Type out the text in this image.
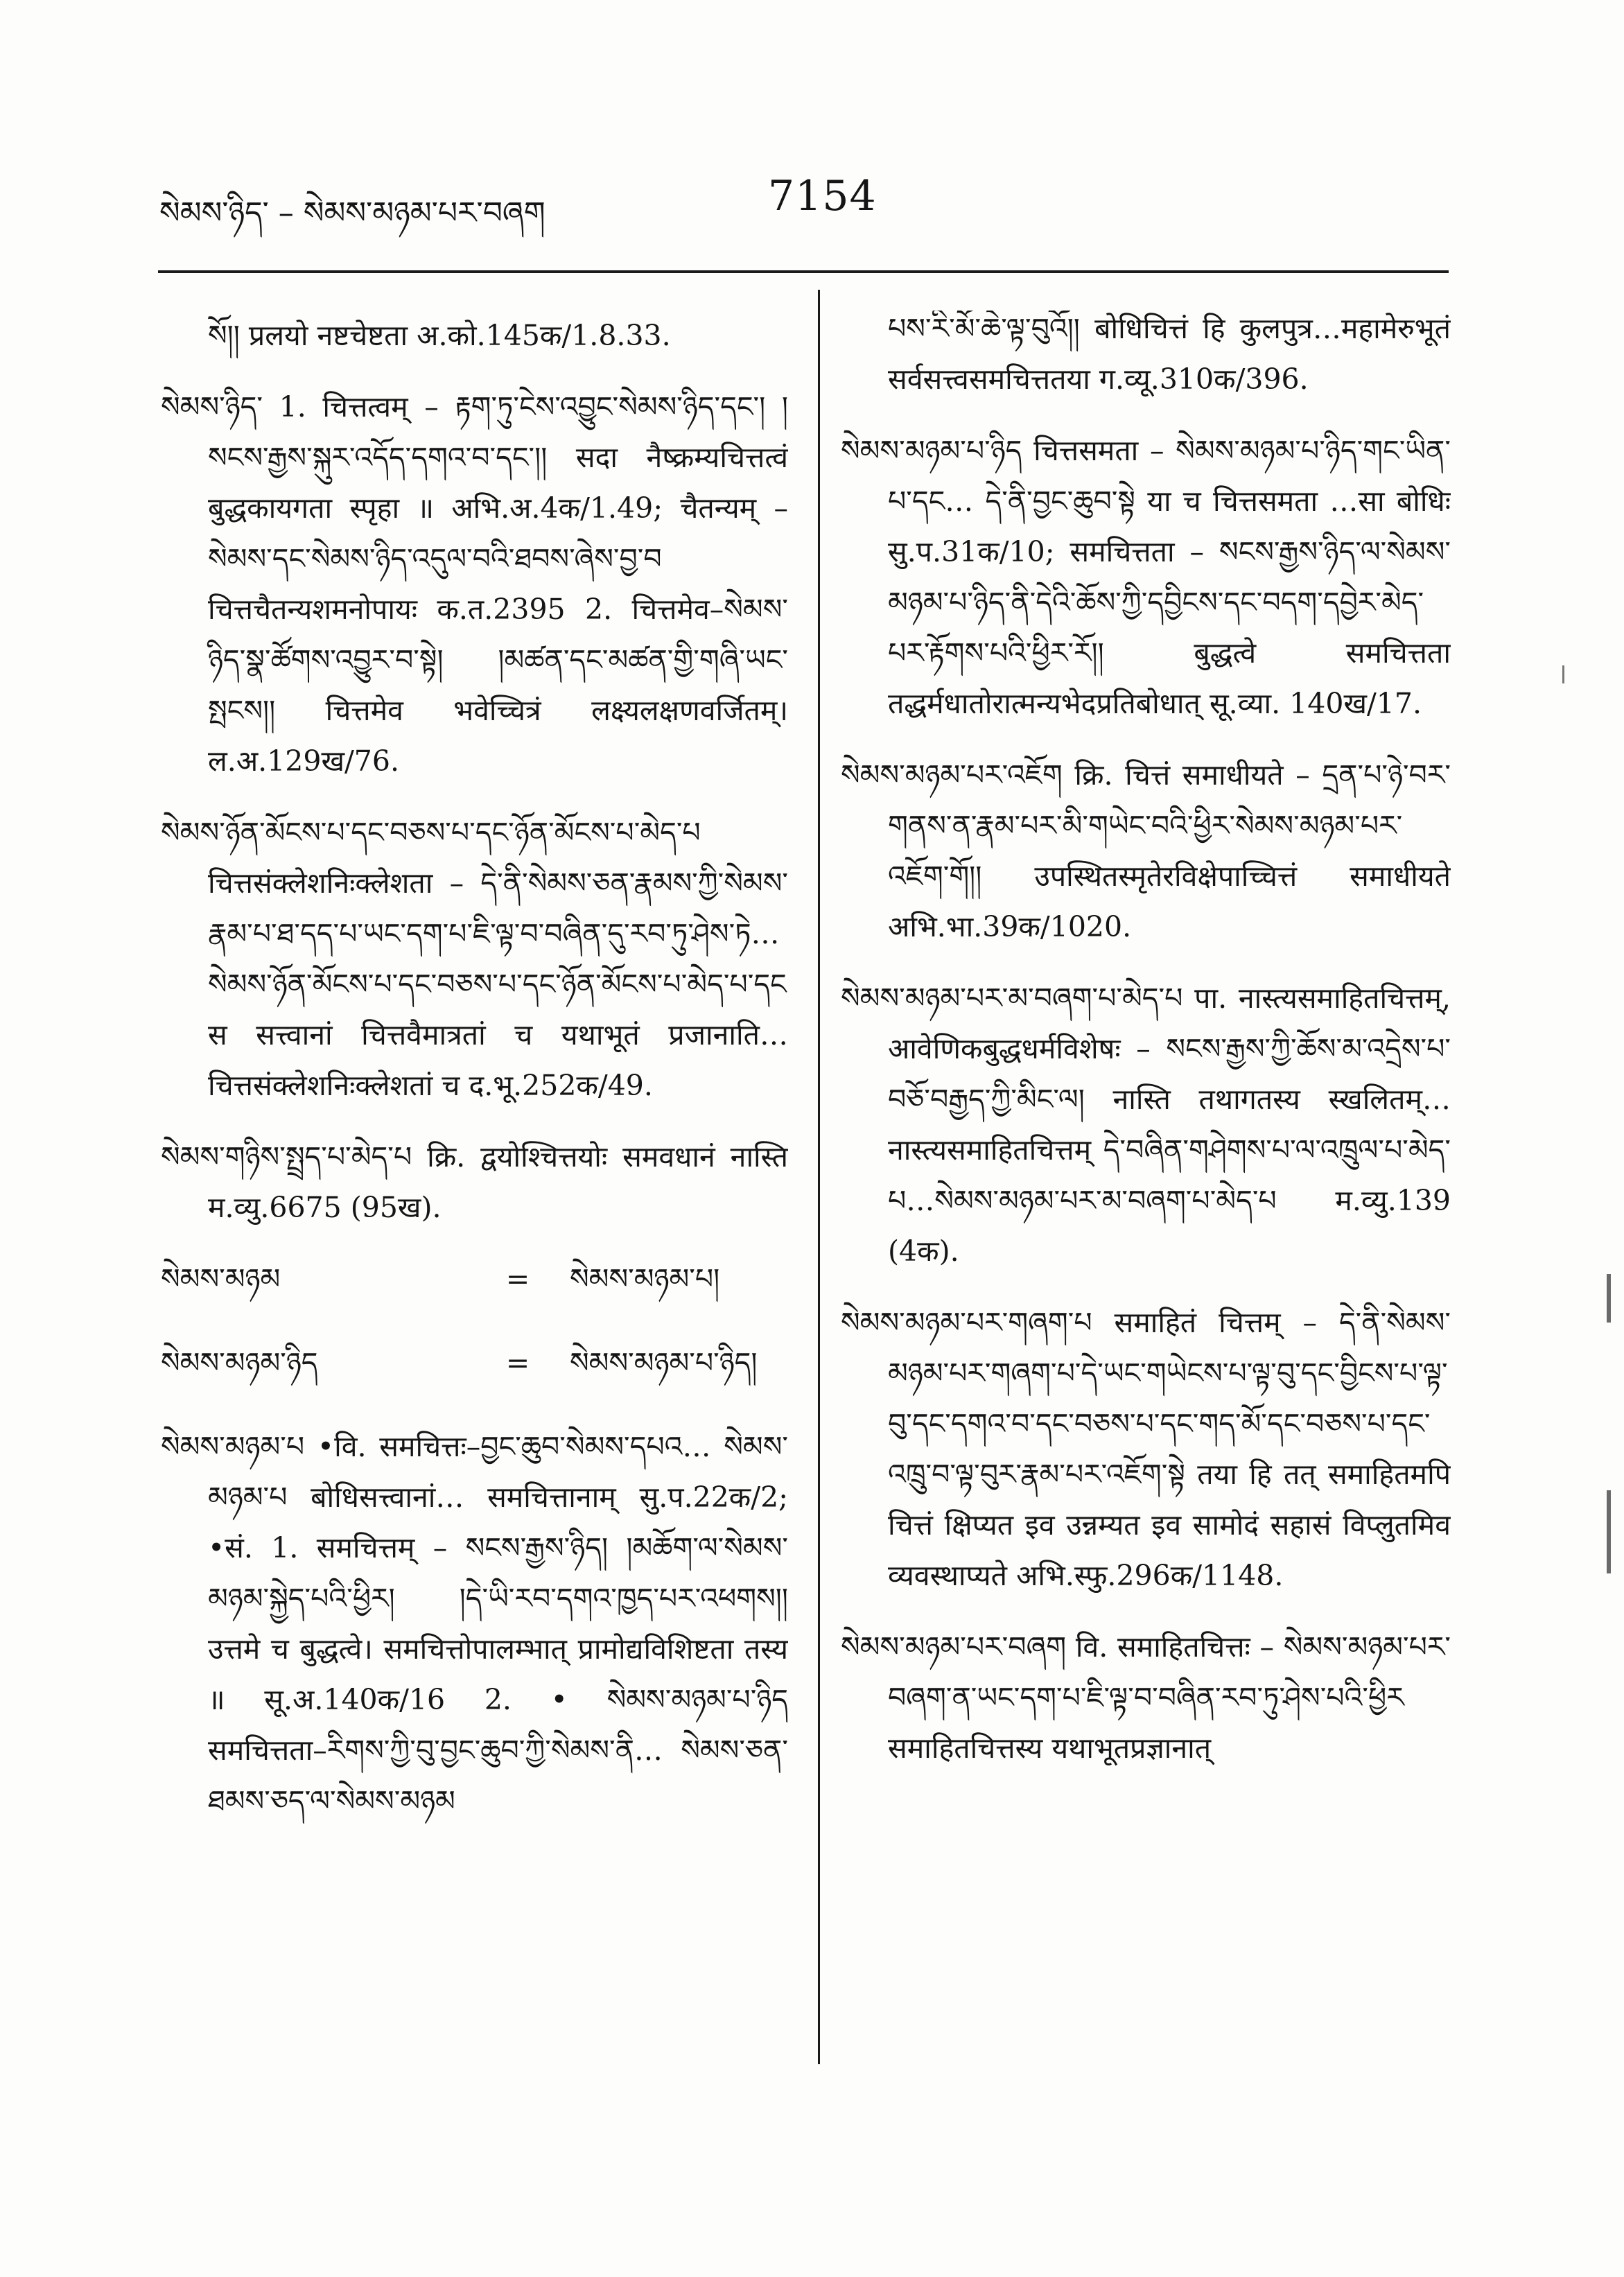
སེམས་ཉིད་ – སེམས་མཉམ་པར་བཞག	7154

སོ།། प्रलयो नष्टचेष्टता अ.को.145क/1.8.33.

སེམས་ཉིད་ 1. चित्तत्वम् – རྟག་ཏུ་ངེས་འབྱུང་སེམས་ཉིད་དང་། །སངས་རྒྱས་སྐུར་འདོད་དགའ་བ་དང་།། सदा नैष्क्रम्यचित्तत्वं बुद्धकायगता स्पृहा ॥ अभि.अ.4क/1.49; चैतन्यम् – སེམས་དང་སེམས་ཉིད་འདུལ་བའི་ཐབས་ཞེས་བྱ་བ चित्तचैतन्यशमनोपायः क.त.2395 2. चित्तमेव–སེམས་ཉིད་སྣ་ཚོགས་འབྱུར་བ་སྟེ། །མཚན་དང་མཚན་གྱི་གཞི་ཡང་སྤངས།། चित्तमेव भवेच्चित्रं लक्ष्यलक्षणवर्जितम्। ल.अ.129ख/76.

སེམས་ཉོན་མོངས་པ་དང་བཅས་པ་དང་ཉོན་མོངས་པ་མེད་པ चित्तसंक्लेशनिःक्लेशता – དེ་ནི་སེམས་ཅན་རྣམས་ཀྱི་སེམས་རྣམ་པ་ཐ་དད་པ་ཡང་དག་པ་ཇི་ལྟ་བ་བཞིན་དུ་རབ་ཏུ་ཤེས་ཏེ… སེམས་ཉོན་མོངས་པ་དང་བཅས་པ་དང་ཉོན་མོངས་པ་མེད་པ་དང स सत्त्वानां चित्तवैमात्रतां च यथाभूतं प्रजानाति…चित्तसंक्लेशनिःक्लेशतां च द.भू.252क/49.

སེམས་གཉིས་སྤྲད་པ་མེད་པ क्रि. द्वयोश्चित्तयोः समवधानं नास्ति म.व्यु.6675 (95ख).

སེམས་མཉམ	=	སེམས་མཉམ་པ།
སེམས་མཉམ་ཉིད	=	སེམས་མཉམ་པ་ཉིད།

སེམས་མཉམ་པ •वि. समचित्तः–བྱང་ཆུབ་སེམས་དཔའ… སེམས་མཉམ་པ बोधिसत्त्वानां… समचित्तानाम् सु.प.22क/2; •सं. 1. समचित्तम् – སངས་རྒྱས་ཉིད། །མཆོག་ལ་སེམས་མཉམ་སྐྱེད་པའི་ཕྱིར། །དེ་ཡི་རབ་དགའ་ཁྱད་པར་འཕགས།། उत्तमे च बुद्धत्वे। समचित्तोपालम्भात् प्रामोद्यविशिष्टता तस्य ॥ सू.अ.140क/16 2. • སེམས་མཉམ་པ་ཉིད समचित्तता–རིགས་ཀྱི་བུ་བྱང་ཆུབ་ཀྱི་སེམས་ནི… སེམས་ཅན་ཐམས་ཅད་ལ་སེམས་མཉམ

པས་རི་མོ་ཆེ་ལྟ་བུའོ།། बोधिचित्तं हि कुलपुत्र…महामेरुभूतं सर्वसत्त्वसमचित्ततया ग.व्यू.310क/396.

སེམས་མཉམ་པ་ཉིད चित्तसमता – སེམས་མཉམ་པ་ཉིད་གང་ཡིན་པ་དང… དེ་ནི་བྱང་ཆུབ་སྟེ या च चित्तसमता …सा बोधिः सु.प.31क/10; समचित्तता – སངས་རྒྱས་ཉིད་ལ་སེམས་མཉམ་པ་ཉིད་ནི་དེའི་ཆོས་ཀྱི་དབྱིངས་དང་བདག་དབྱེར་མེད་པར་རྟོགས་པའི་ཕྱིར་རོ།། बुद्धत्वे समचित्तता तद्धर्मधातोरात्मन्यभेदप्रतिबोधात् सू.व्या. 140ख/17.

སེམས་མཉམ་པར་འཇོག क्रि. चित्तं समाधीयते – དྲན་པ་ཉེ་བར་གནས་ན་རྣམ་པར་མི་གཡེང་བའི་ཕྱིར་སེམས་མཉམ་པར་འཇོག་གོ།། उपस्थितस्मृतेरविक्षेपाच्चित्तं समाधीयते अभि.भा.39क/1020.

སེམས་མཉམ་པར་མ་བཞག་པ་མེད་པ पा. नास्त्यसमाहितचित्तम्, आवेणिकबुद्धधर्मविशेषः – སངས་རྒྱས་ཀྱི་ཆོས་མ་འདྲེས་པ་བཅོ་བརྒྱད་ཀྱི་མིང་ལ། नास्ति तथागतस्य स्खलितम्…नास्त्यसमाहितचित्तम् དེ་བཞིན་གཤེགས་པ་ལ་འཁྲུལ་པ་མེད་པ…སེམས་མཉམ་པར་མ་བཞག་པ་མེད་པ म.व्यु.139 (4क).

སེམས་མཉམ་པར་གཞག་པ समाहितं चित्तम् – དེ་ནི་སེམས་མཉམ་པར་གཞག་པ་དེ་ཡང་གཡེངས་པ་ལྟ་བུ་དང་བྱིངས་པ་ལྟ་བུ་དང་དགའ་བ་དང་བཅས་པ་དང་གད་མོ་དང་བཅས་པ་དང་འཁྲུ་བ་ལྟ་བུར་རྣམ་པར་འཇོག་སྟེ तया हि तत् समाहितमपि चित्तं क्षिप्यत इव उन्नम्यत इव सामोदं सहासं विप्लुतमिव व्यवस्थाप्यते अभि.स्फु.296क/1148.

སེམས་མཉམ་པར་བཞག वि. समाहितचित्तः – སེམས་མཉམ་པར་བཞག་ན་ཡང་དག་པ་ཇི་ལྟ་བ་བཞིན་རབ་ཏུ་ཤེས་པའི་ཕྱིར समाहितचित्तस्य यथाभूतप्रज्ञानात्
